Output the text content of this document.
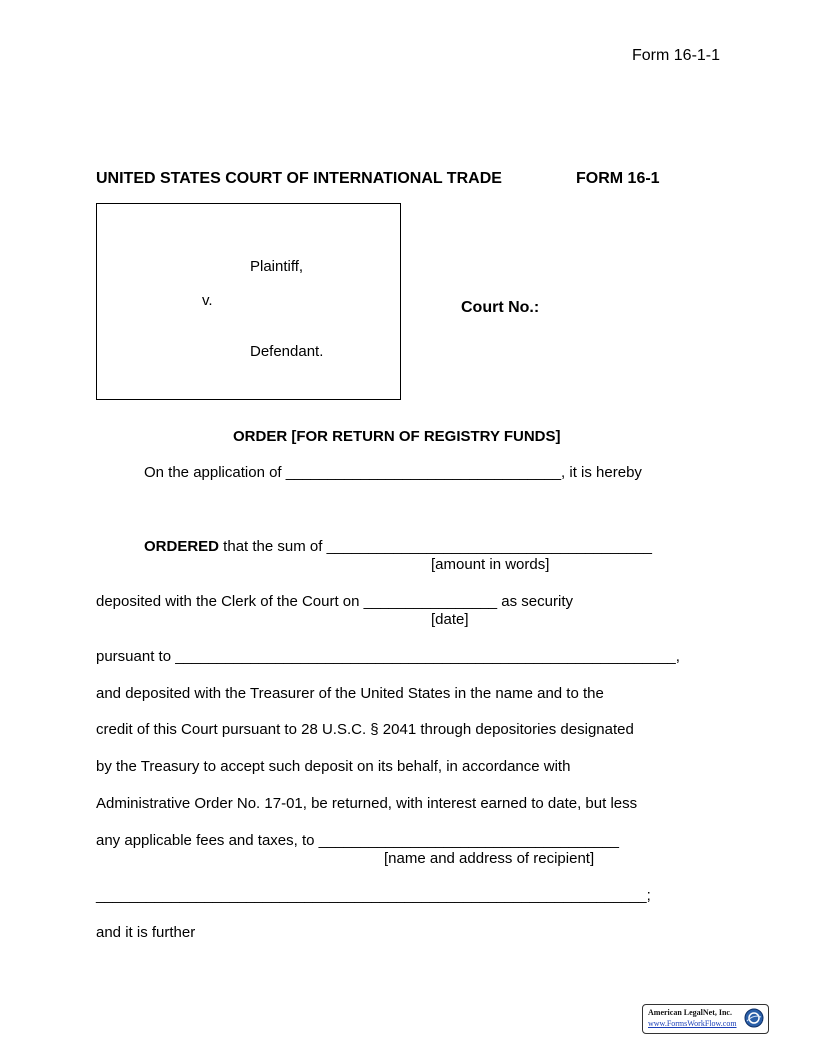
Form 16-1-1
UNITED STATES COURT OF INTERNATIONAL TRADE	FORM 16-1
Plaintiff,
v.
Defendant.
Court No.:
ORDER [FOR RETURN OF REGISTRY FUNDS]
On the application of _________________________________, it is hereby
ORDERED that the sum of _______________________________________
[amount in words]
deposited with the Clerk of the Court on ________________ as security
[date]
pursuant to ____________________________________________________________,
and deposited with the Treasurer of the United States in the name and to the
credit of this Court pursuant to 28 U.S.C. § 2041 through depositories designated
by the Treasury to accept such deposit on its behalf, in accordance with
Administrative Order No. 17-01, be returned, with interest earned to date, but less
any applicable fees and taxes, to ____________________________________
[name and address of recipient]
__________________________________________________________________;
and it is further
American LegalNet, Inc.
www.FormsWorkFlow.com
